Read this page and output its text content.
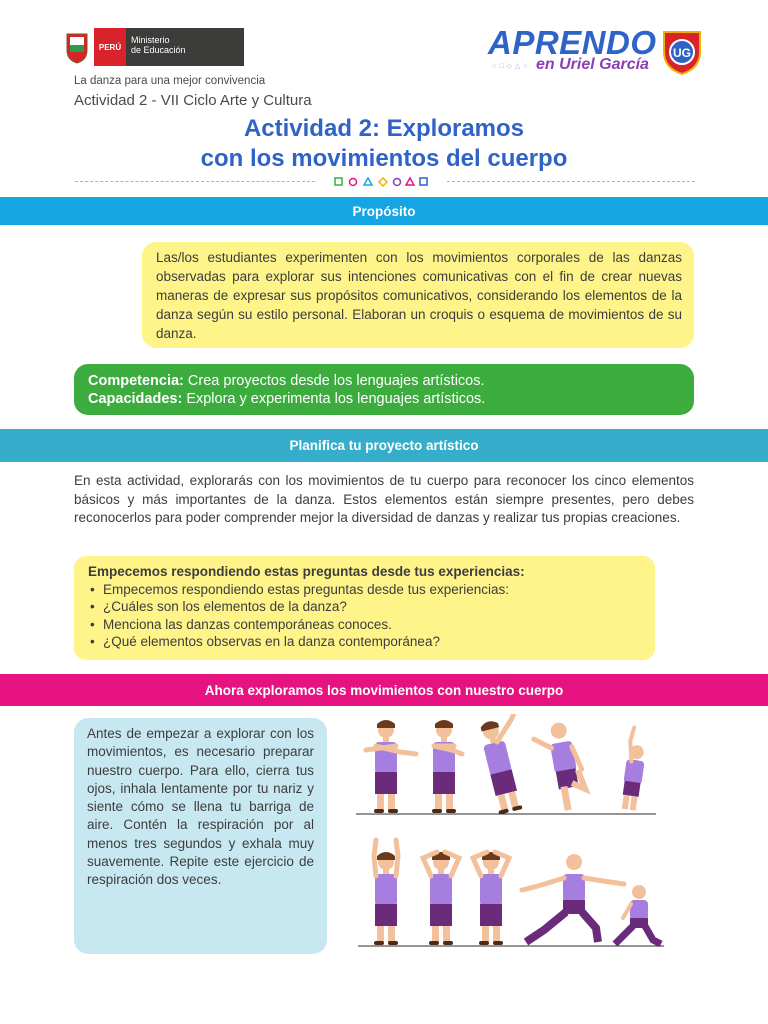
PERÚ
Ministerio
de Educación	APRENDO
○□◇△○ en Uriel García
UG
La danza para una mejor convivencia
Actividad 2 - VII Ciclo Arte y Cultura
Actividad 2: Exploramos
con los movimientos del cuerpo
Propósito
Las/los estudiantes experimenten con los movimientos corporales de las danzas observadas para explorar sus intenciones comunicativas con el fin de crear nuevas maneras de expresar sus propósitos comunicativos, considerando los elementos de la danza según su estilo personal. Elaboran un croquis o esquema de movimientos de su danza.
Competencia: Crea proyectos desde los lenguajes artísticos.
Capacidades: Explora y experimenta los lenguajes artísticos.
Planifica tu proyecto artístico
En esta actividad, explorarás con los movimientos de tu cuerpo para reconocer los cinco elementos básicos y más importantes de la danza. Estos elementos están siempre presentes, pero debes reconocerlos para poder comprender mejor la diversidad de danzas y realizar tus propias creaciones.
Empecemos respondiendo estas preguntas desde tus experiencias:
• Empecemos respondiendo estas preguntas desde tus experiencias:
• ¿Cuáles son los elementos de la danza?
• Menciona las danzas contemporáneas conoces.
• ¿Qué elementos observas en la danza contemporánea?
Ahora exploramos los movimientos con nuestro cuerpo
Antes de empezar a explorar con los movimientos, es necesario preparar nuestro cuerpo. Para ello, cierra tus ojos, inhala lentamente por tu nariz y siente cómo se llena tu barriga de aire. Contén la respiración por al menos tres segundos y exhala muy suavemente. Repite este ejercicio de respiración dos veces.
